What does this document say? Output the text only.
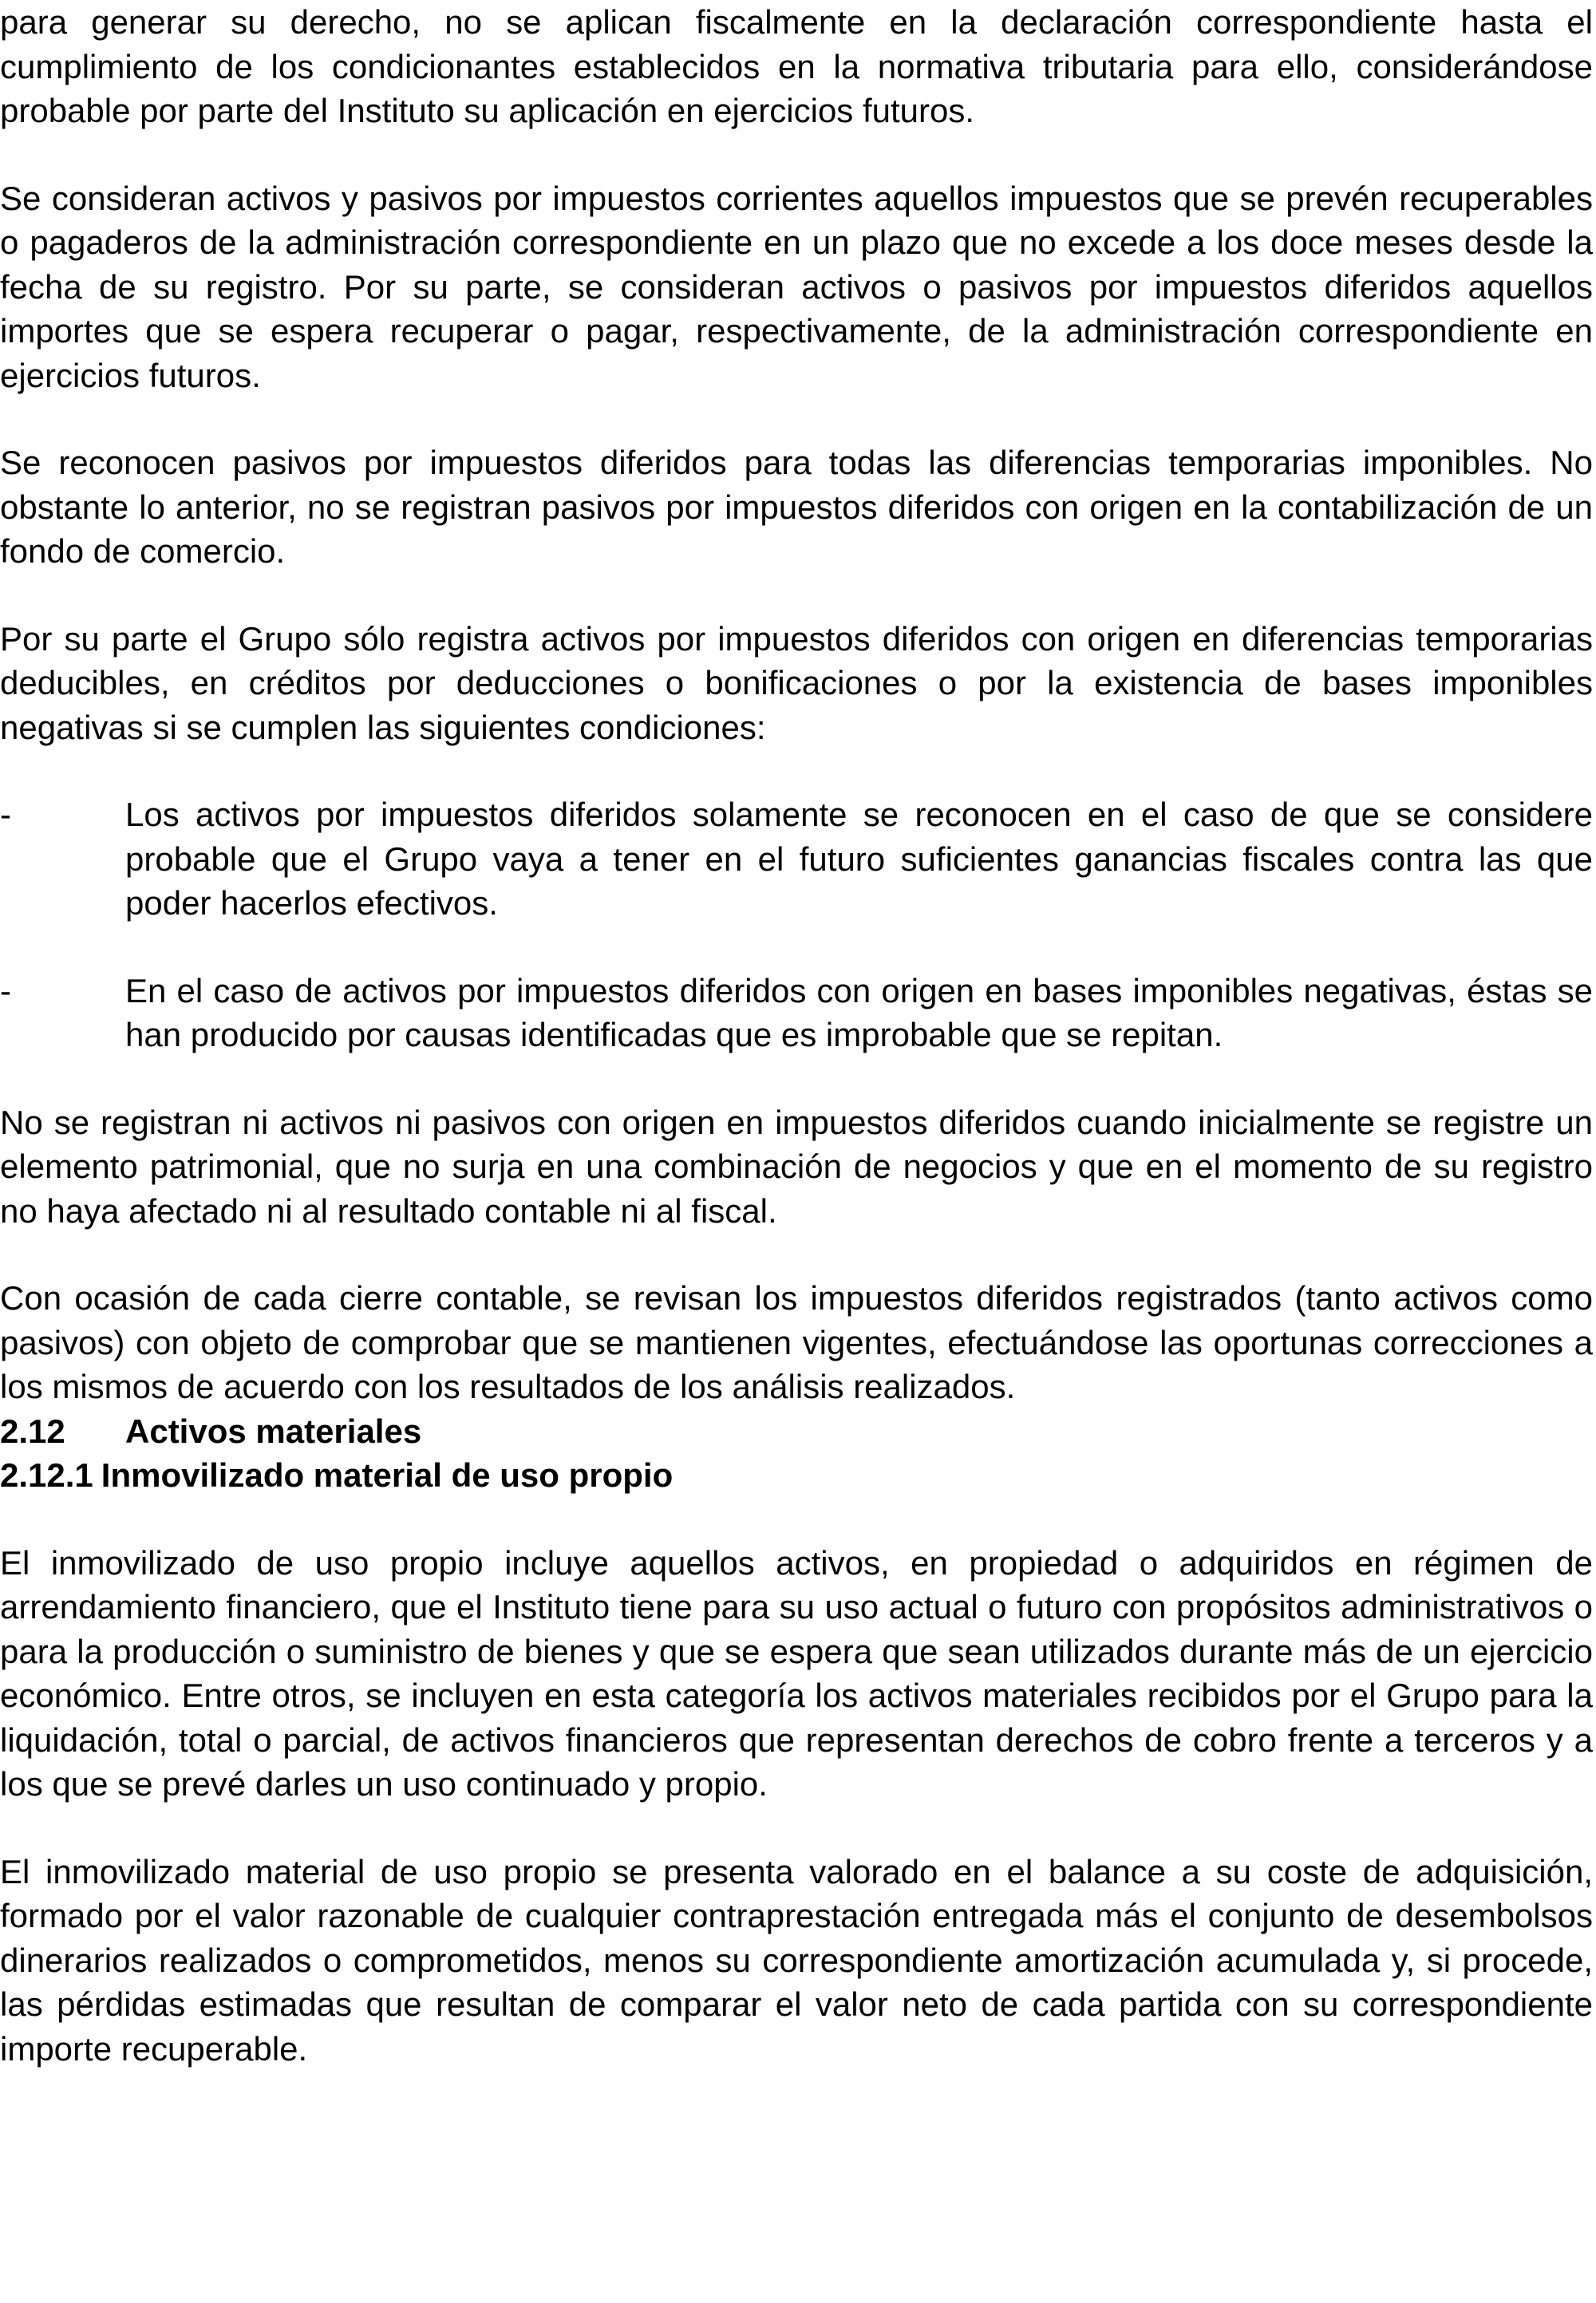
para generar su derecho, no se aplican fiscalmente en la declaración correspondiente hasta el cumplimiento de los condicionantes establecidos en la normativa tributaria para ello, considerándose probable por parte del Instituto su aplicación en ejercicios futuros.

Se consideran activos y pasivos por impuestos corrientes aquellos impuestos que se prevén recuperables o pagaderos de la administración correspondiente en un plazo que no excede a los doce meses desde la fecha de su registro. Por su parte, se consideran activos o pasivos por impuestos diferidos aquellos importes que se espera recuperar o pagar, respectivamente, de la administración correspondiente en ejercicios futuros.

Se reconocen pasivos por impuestos diferidos para todas las diferencias temporarias imponibles. No obstante lo anterior, no se registran pasivos por impuestos diferidos con origen en la contabilización de un fondo de comercio.

Por su parte el Grupo sólo registra activos por impuestos diferidos con origen en diferencias temporarias deducibles, en créditos por deducciones o bonificaciones o por la existencia de bases imponibles negativas si se cumplen las siguientes condiciones:

-	Los activos por impuestos diferidos solamente se reconocen en el caso de que se considere probable que el Grupo vaya a tener en el futuro suficientes ganancias fiscales contra las que poder hacerlos efectivos.
-	En el caso de activos por impuestos diferidos con origen en bases imponibles negativas, éstas se han producido por causas identificadas que es improbable que se repitan.

No se registran ni activos ni pasivos con origen en impuestos diferidos cuando inicialmente se registre un elemento patrimonial, que no surja en una combinación de negocios y que en el momento de su registro no haya afectado ni al resultado contable ni al fiscal.

Con ocasión de cada cierre contable, se revisan los impuestos diferidos registrados (tanto activos como pasivos) con objeto de comprobar que se mantienen vigentes, efectuándose las oportunas correcciones a los mismos de acuerdo con los resultados de los análisis realizados.

2.12 Activos materiales
2.12.1 Inmovilizado material de uso propio

El inmovilizado de uso propio incluye aquellos activos, en propiedad o adquiridos en régimen de arrendamiento financiero, que el Instituto tiene para su uso actual o futuro con propósitos administrativos o para la producción o suministro de bienes y que se espera que sean utilizados durante más de un ejercicio económico. Entre otros, se incluyen en esta categoría los activos materiales recibidos por el Grupo para la liquidación, total o parcial, de activos financieros que representan derechos de cobro frente a terceros y a los que se prevé darles un uso continuado y propio.

El inmovilizado material de uso propio se presenta valorado en el balance a su coste de adquisición, formado por el valor razonable de cualquier contraprestación entregada más el conjunto de desembolsos dinerarios realizados o comprometidos, menos su correspondiente amortización acumulada y, si procede, las pérdidas estimadas que resultan de comparar el valor neto de cada partida con su correspondiente importe recuperable.
